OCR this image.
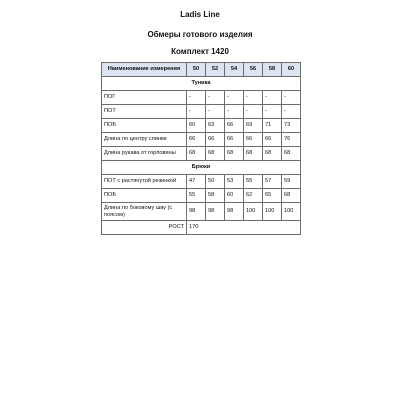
Ladis Line
Обмеры готового изделия
Комплект 1420
Наименование измерения	50	52	54	56	58	60
Туника						
ПОГ	-	-	-	-	-	-
ПОТ	-	-	-	-	-	-
ПОБ	60	63	66	69	71	73
Длина по центру спинки	66	66	66	66	66	76
Длина рукава от горловины	68	68	68	68	68	68
Брюки						
ПОТ с растянутой резинкой	47	50	53	55	57	59
ПОБ	55	58	60	62	65	68
Длина по боковому шву (с поясом)	98	98	98	100	100	100
РОСТ	170					
